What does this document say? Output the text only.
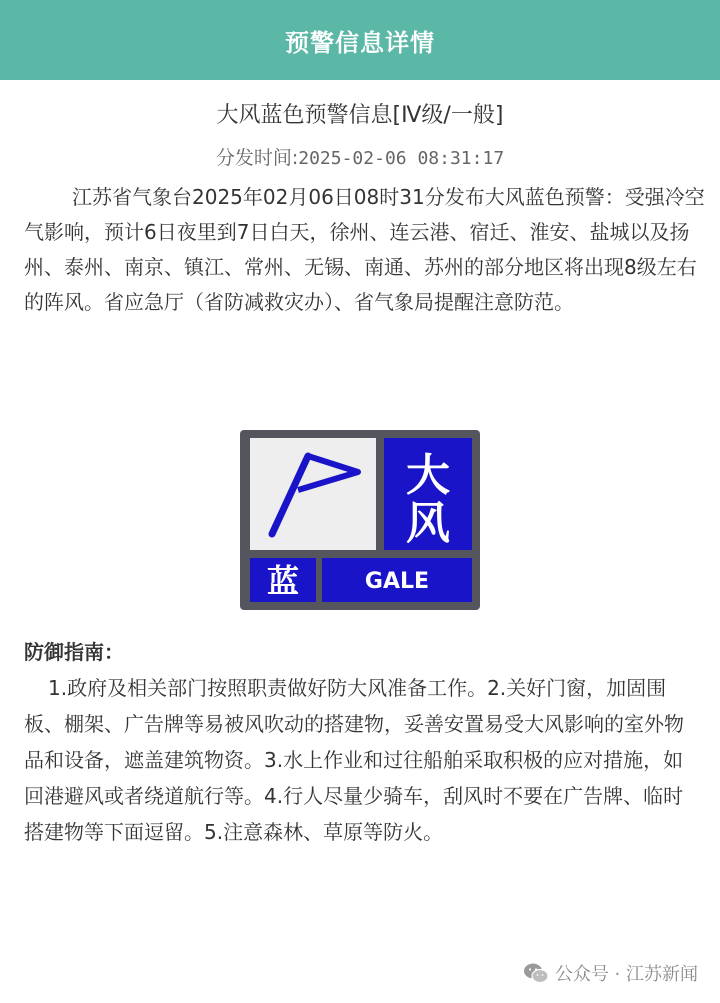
预警信息详情
大风蓝色预警信息[Ⅳ级/一般]
分发时间:2025-02-06 08:31:17
江苏省气象台2025年02月06日08时31分发布大风蓝色预警：受强冷空气影响，预计6日夜里到7日白天，徐州、连云港、宿迁、淮安、盐城以及扬州、泰州、南京、镇江、常州、无锡、南通、苏州的部分地区将出现8级左右的阵风。省应急厅（省防减救灾办）、省气象局提醒注意防范。
大
风
蓝	GALE
防御指南：
1.政府及相关部门按照职责做好防大风准备工作。2.关好门窗，加固围板、棚架、广告牌等易被风吹动的搭建物，妥善安置易受大风影响的室外物品和设备，遮盖建筑物资。3.水上作业和过往船舶采取积极的应对措施，如回港避风或者绕道航行等。4.行人尽量少骑车，刮风时不要在广告牌、临时搭建物等下面逗留。5.注意森林、草原等防火。
公众号 · 江苏新闻
